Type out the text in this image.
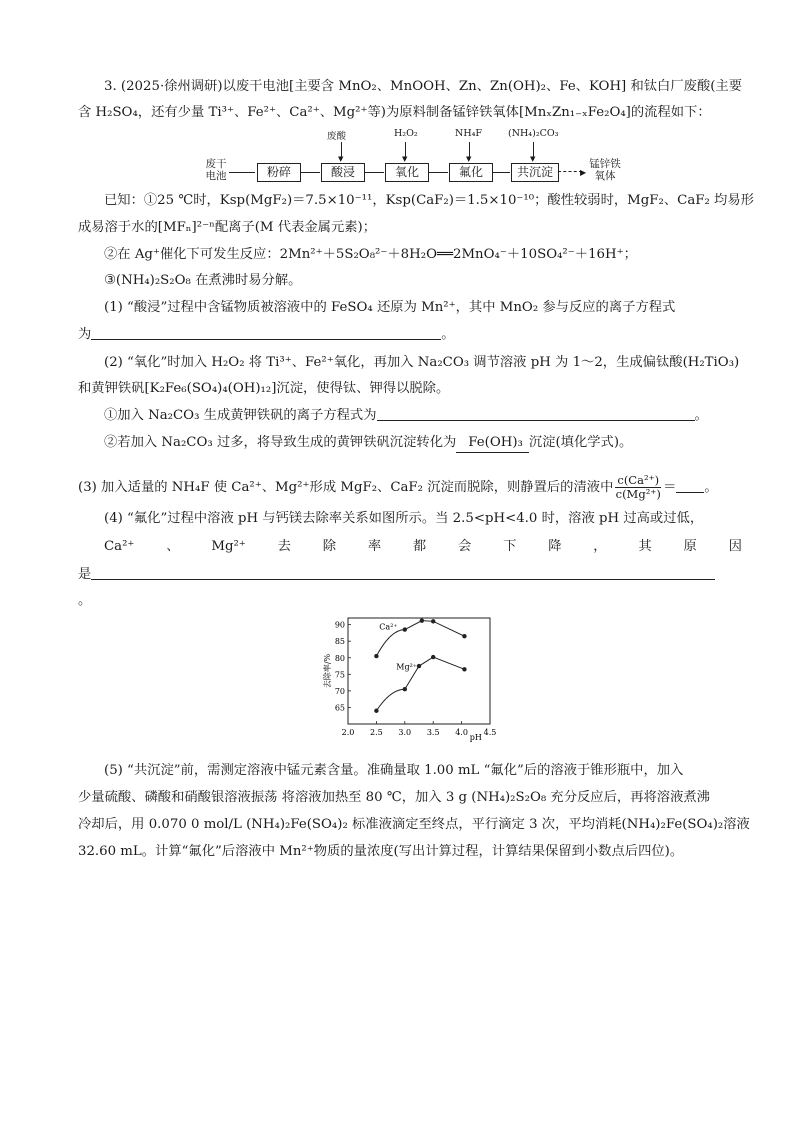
3. (2025·徐州调研)以废干电池[主要含 MnO₂、MnOOH、Zn、Zn(OH)₂、Fe、KOH] 和钛白厂废酸(主要
含 H₂SO₄，还有少量 Ti³⁺、Fe²⁺、Ca²⁺、Mg²⁺等)为原料制备锰锌铁氧体[MnₓZn₁₋ₓFe₂O₄]的流程如下：
废干电池	粉碎	酸浸	氧化	氟化	共沉淀	▶
锰锌铁氧体
废酸	H₂O₂	NH₄F	(NH₄)₂CO₃
▼	▼	▼	▼
已知：①25 ℃时，Ksp(MgF₂)＝7.5×10⁻¹¹，Ksp(CaF₂)＝1.5×10⁻¹⁰；酸性较弱时，MgF₂、CaF₂ 均易形
成易溶于水的[MFₙ]²⁻ⁿ配离子(M 代表金属元素)；
②在 Ag⁺催化下可发生反应：2Mn²⁺＋5S₂O₈²⁻＋8H₂O══2MnO₄⁻＋10SO₄²⁻＋16H⁺；
③(NH₄)₂S₂O₈ 在煮沸时易分解。
(1) “酸浸”过程中含锰物质被溶液中的 FeSO₄ 还原为 Mn²⁺，其中 MnO₂ 参与反应的离子方程式
为	。
(2) “氧化”时加入 H₂O₂ 将 Ti³⁺、Fe²⁺氧化，再加入 Na₂CO₃ 调节溶液 pH 为 1～2，生成偏钛酸(H₂TiO₃)
和黄钾铁矾[K₂Fe₆(SO₄)₄(OH)₁₂]沉淀，使得钛、钾得以脱除。
①加入 Na₂CO₃ 生成黄钾铁矾的离子方程式为	。
②若加入 Na₂CO₃ 过多，将导致生成的黄钾铁矾沉淀转化为 Fe(OH)₃ 沉淀(填化学式)。
(3) 加入适量的 NH₄F 使 Ca²⁺、Mg²⁺形成 MgF₂、CaF₂ 沉淀而脱除，则静置后的清液中 $\frac{\text{c(Ca²⁺)}}{\text{c(Mg²⁺)}}$ ＝ 。
(4) “氟化”过程中溶液 pH 与钙镁去除率关系如图所示。当 2.5<pH<4.0 时，溶液 pH 过高或过低，
Ca²⁺ 、 Mg²⁺ 去 除 率 都 会 下 降 ， 其 原 因
是
。
2.0 2.5 3.0 3.5 4.0 4.5
65
70
75
80
85
90
pH
去除率/%
Ca²⁺
Mg²⁺
(5) “共沉淀”前，需测定溶液中锰元素含量。准确量取 1.00 mL “氟化”后的溶液于锥形瓶中，加入
少量硫酸、磷酸和硝酸银溶液振荡 将溶液加热至 80 ℃，加入 3 g (NH₄)₂S₂O₈ 充分反应后，再将溶液煮沸
冷却后，用 0.070 0 mol/L (NH₄)₂Fe(SO₄)₂ 标准液滴定至终点，平行滴定 3 次，平均消耗(NH₄)₂Fe(SO₄)₂溶液
32.60 mL。计算“氟化”后溶液中 Mn²⁺物质的量浓度(写出计算过程，计算结果保留到小数点后四位)。
